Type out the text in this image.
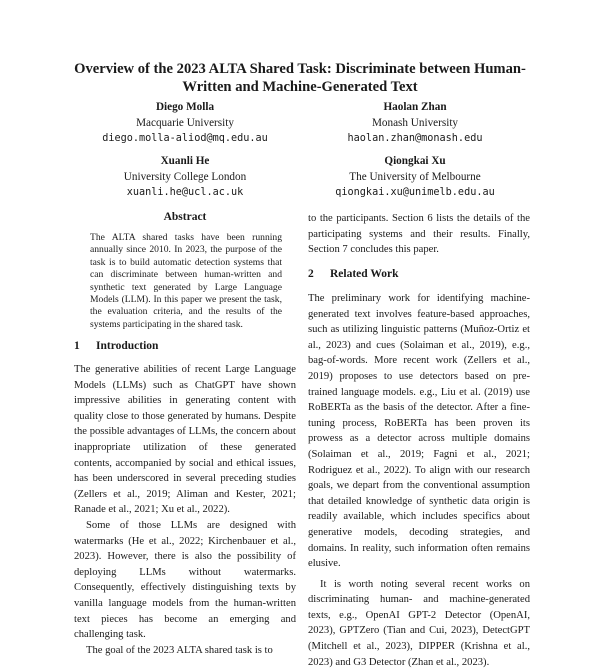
Overview of the 2023 ALTA Shared Task: Discriminate between Human-Written and Machine-Generated Text
Diego Molla
Macquarie University
diego.molla-aliod@mq.edu.au
Haolan Zhan
Monash University
haolan.zhan@monash.edu
Xuanli He
University College London
xuanli.he@ucl.ac.uk
Qiongkai Xu
The University of Melbourne
qiongkai.xu@unimelb.edu.au
Abstract
The ALTA shared tasks have been running annually since 2010. In 2023, the purpose of the task is to build automatic detection systems that can discriminate between human-written and synthetic text generated by Large Language Models (LLM). In this paper we present the task, the evaluation criteria, and the results of the systems participating in the shared task.
1 Introduction

The generative abilities of recent Large Language Models (LLMs) such as ChatGPT have shown impressive abilities in generating content with quality close to those generated by humans. Despite the possible advantages of LLMs, the concern about inappropriate utilization of these generated contents, accompanied by social and ethical issues, has been underscored in several preceding studies (Zellers et al., 2019; Aliman and Kester, 2021; Ranade et al., 2021; Xu et al., 2022).

Some of those LLMs are designed with watermarks (He et al., 2022; Kirchenbauer et al., 2023). However, there is also the possibility of deploying LLMs without watermarks. Consequently, effectively distinguishing texts by vanilla language models from the human-written text pieces has become an emerging and challenging task.

The goal of the 2023 ALTA shared task is to

to the participants. Section 6 lists the details of the participating systems and their results. Finally, Section 7 concludes this paper.

2 Related Work

The preliminary work for identifying machine-generated text involves feature-based approaches, such as utilizing linguistic patterns (Muñoz-Ortiz et al., 2023) and cues (Solaiman et al., 2019), e.g., bag-of-words. More recent work (Zellers et al., 2019) proposes to use detectors based on pre-trained language models. e.g., Liu et al. (2019) use RoBERTa as the basis of the detector. After a fine-tuning process, RoBERTa has been proven its prowess as a detector across multiple domains (Solaiman et al., 2019; Fagni et al., 2021; Rodriguez et al., 2022). To align with our research goals, we depart from the conventional assumption that detailed knowledge of synthetic data origin is readily available, which includes specifics about generative models, decoding strategies, and domains. In reality, such information often remains elusive.

It is worth noting several recent works on discriminating human- and machine-generated texts, e.g., OpenAI GPT-2 Detector (OpenAI, 2023), GPTZero (Tian and Cui, 2023), DetectGPT (Mitchell et al., 2023), DIPPER (Krishna et al., 2023) and G3 Detector (Zhan et al., 2023).
